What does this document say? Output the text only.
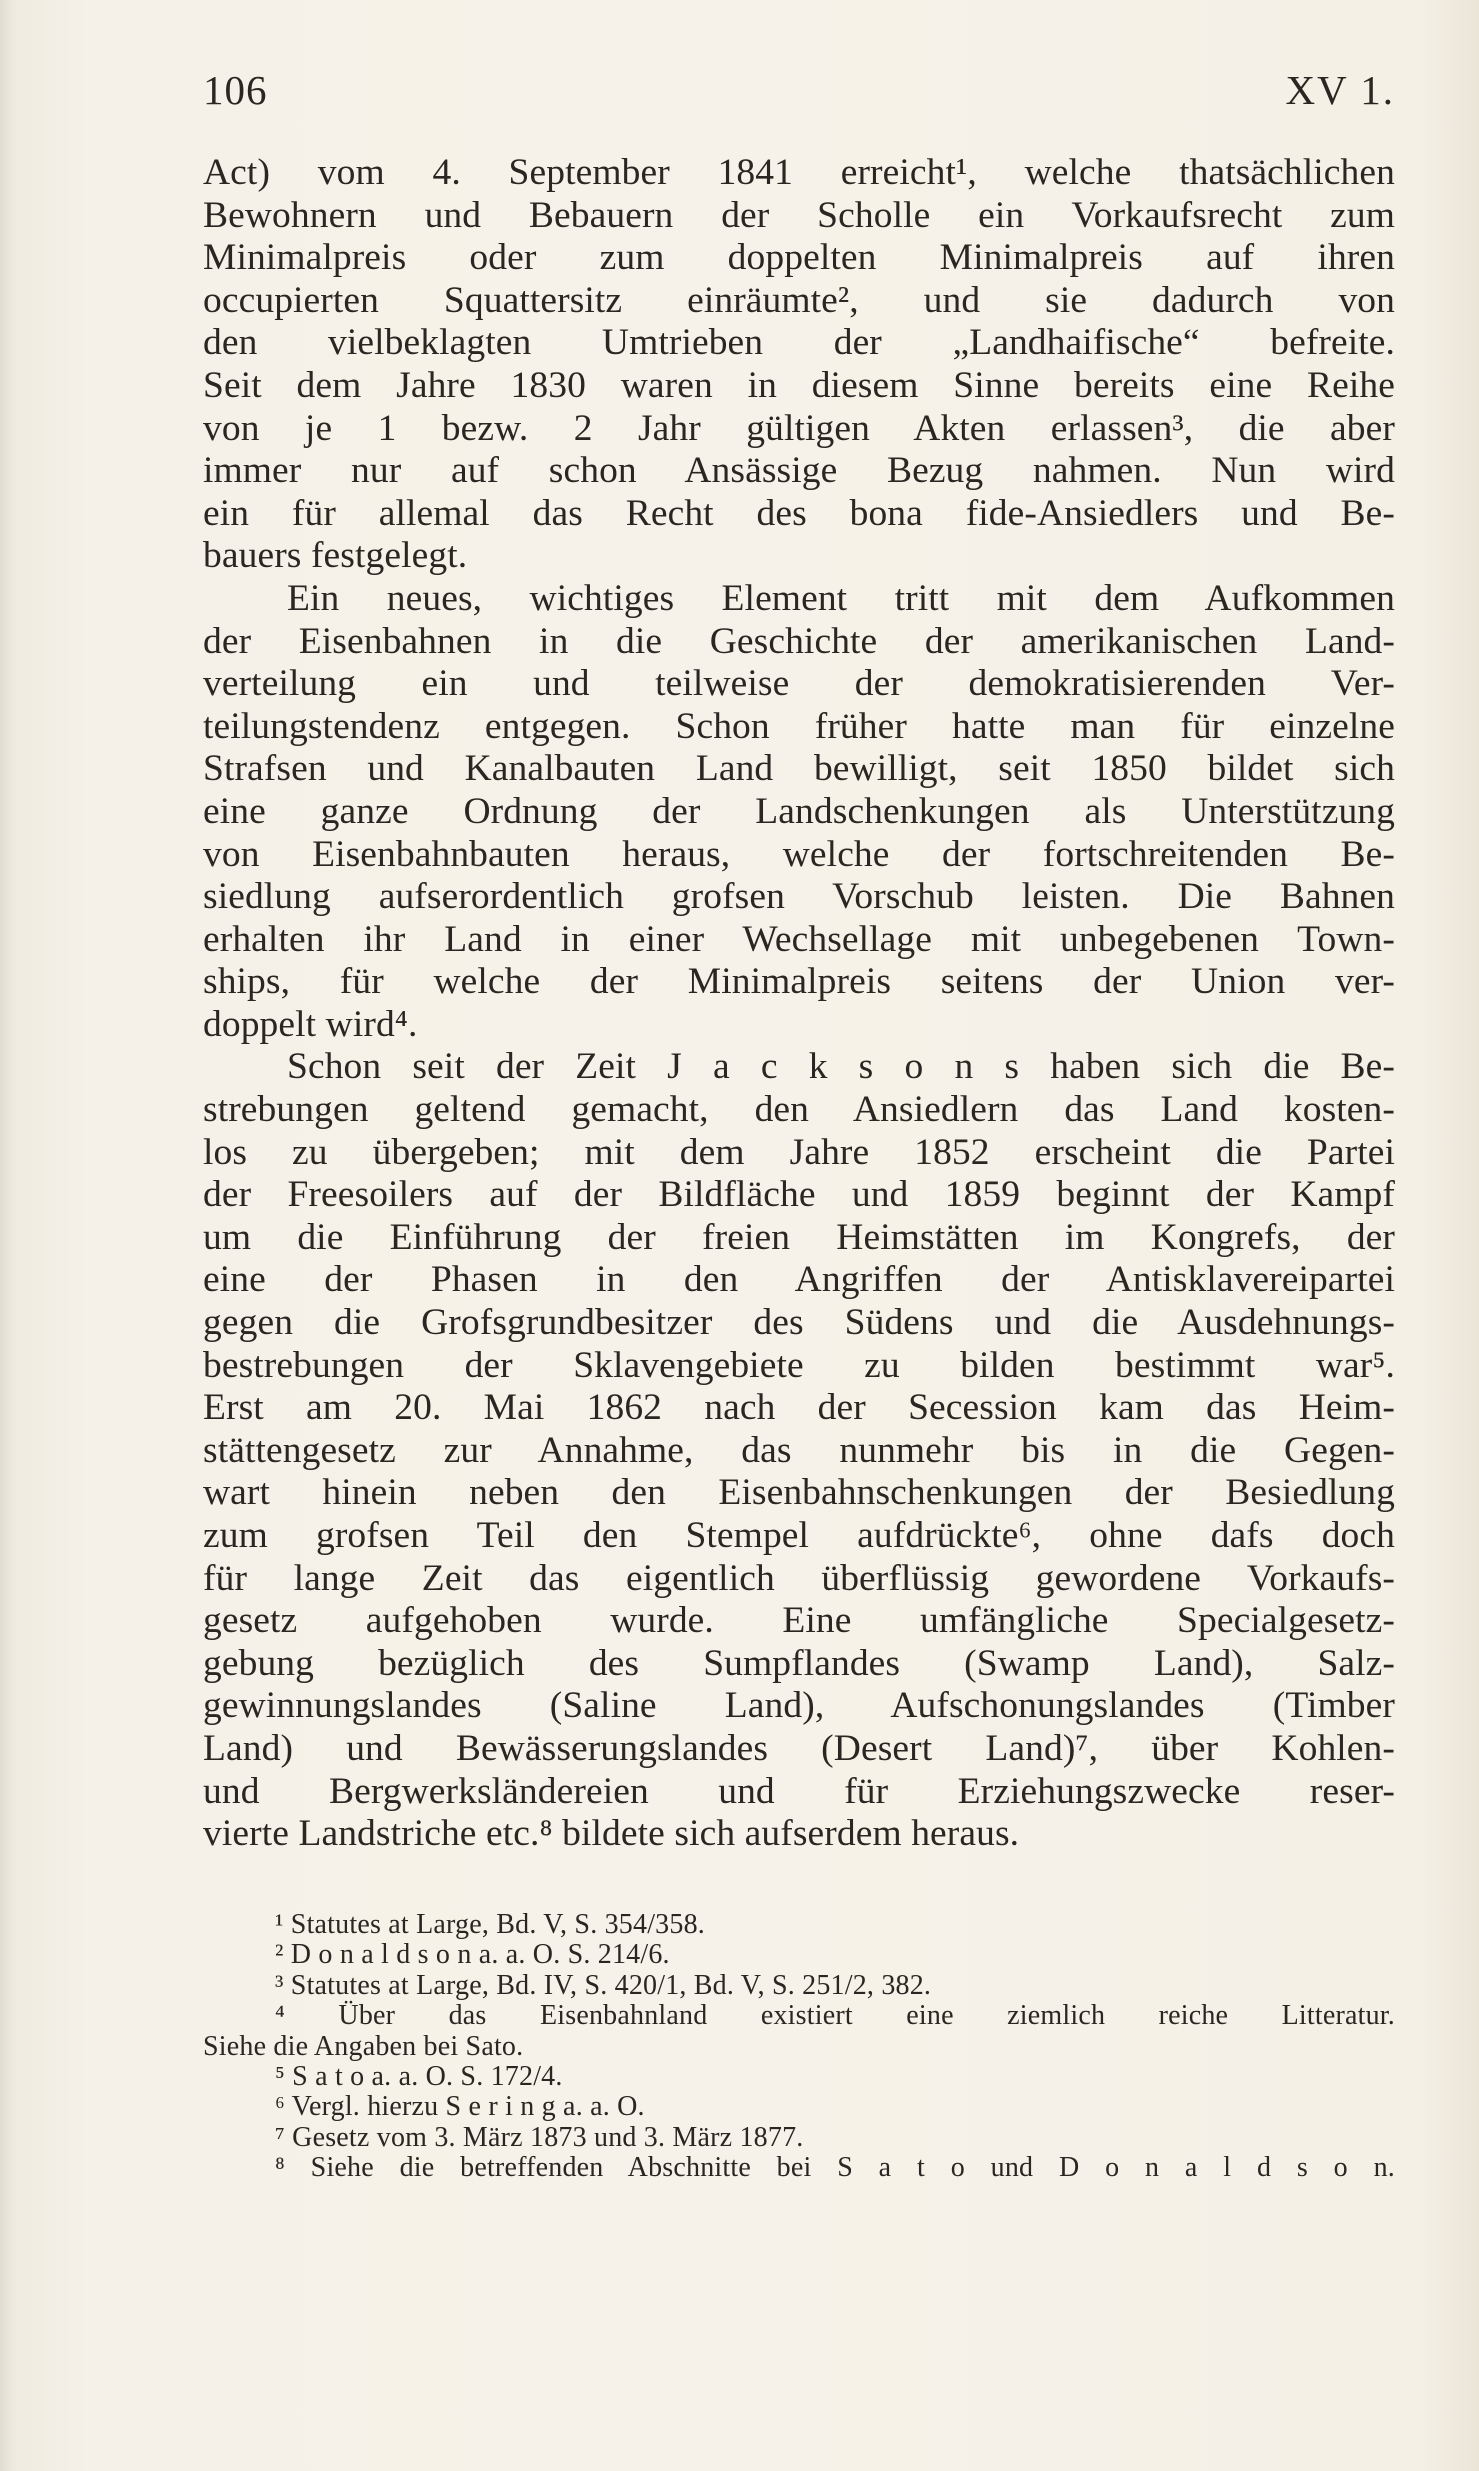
106	XV 1.
Act) vom 4. September 1841 erreicht¹, welche thatsächlichen
Bewohnern und Bebauern der Scholle ein Vorkaufsrecht zum
Minimalpreis oder zum doppelten Minimalpreis auf ihren
occupierten Squattersitz einräumte², und sie dadurch von
den vielbeklagten Umtrieben der „Landhaifische“ befreite.
Seit dem Jahre 1830 waren in diesem Sinne bereits eine Reihe
von je 1 bezw. 2 Jahr gültigen Akten erlassen³, die aber
immer nur auf schon Ansässige Bezug nahmen. Nun wird
ein für allemal das Recht des bona fide-Ansiedlers und Be-
bauers festgelegt.
Ein neues, wichtiges Element tritt mit dem Aufkommen
der Eisenbahnen in die Geschichte der amerikanischen Land-
verteilung ein und teilweise der demokratisierenden Ver-
teilungstendenz entgegen. Schon früher hatte man für einzelne
Strafsen und Kanalbauten Land bewilligt, seit 1850 bildet sich
eine ganze Ordnung der Landschenkungen als Unterstützung
von Eisenbahnbauten heraus, welche der fortschreitenden Be-
siedlung aufserordentlich grofsen Vorschub leisten. Die Bahnen
erhalten ihr Land in einer Wechsellage mit unbegebenen Town-
ships, für welche der Minimalpreis seitens der Union ver-
doppelt wird⁴.
Schon seit der Zeit J a c k s o n s haben sich die Be-
strebungen geltend gemacht, den Ansiedlern das Land kosten-
los zu übergeben; mit dem Jahre 1852 erscheint die Partei
der Freesoilers auf der Bildfläche und 1859 beginnt der Kampf
um die Einführung der freien Heimstätten im Kongrefs, der
eine der Phasen in den Angriffen der Antisklavereipartei
gegen die Grofsgrundbesitzer des Südens und die Ausdehnungs-
bestrebungen der Sklavengebiete zu bilden bestimmt war⁵.
Erst am 20. Mai 1862 nach der Secession kam das Heim-
stättengesetz zur Annahme, das nunmehr bis in die Gegen-
wart hinein neben den Eisenbahnschenkungen der Besiedlung
zum grofsen Teil den Stempel aufdrückte⁶, ohne dafs doch
für lange Zeit das eigentlich überflüssig gewordene Vorkaufs-
gesetz aufgehoben wurde. Eine umfängliche Specialgesetz-
gebung bezüglich des Sumpflandes (Swamp Land), Salz-
gewinnungslandes (Saline Land), Aufschonungslandes (Timber
Land) und Bewässerungslandes (Desert Land)⁷, über Kohlen-
und Bergwerksländereien und für Erziehungszwecke reser-
vierte Landstriche etc.⁸ bildete sich aufserdem heraus.
¹ Statutes at Large, Bd. V, S. 354/358.
² D o n a l d s o n a. a. O. S. 214/6.
³ Statutes at Large, Bd. IV, S. 420/1, Bd. V, S. 251/2, 382.
⁴ Über das Eisenbahnland existiert eine ziemlich reiche Litteratur.
Siehe die Angaben bei Sato.
⁵ S a t o a. a. O. S. 172/4.
⁶ Vergl. hierzu S e r i n g a. a. O.
⁷ Gesetz vom 3. März 1873 und 3. März 1877.
⁸ Siehe die betreffenden Abschnitte bei S a t o und D o n a l d s o n.
